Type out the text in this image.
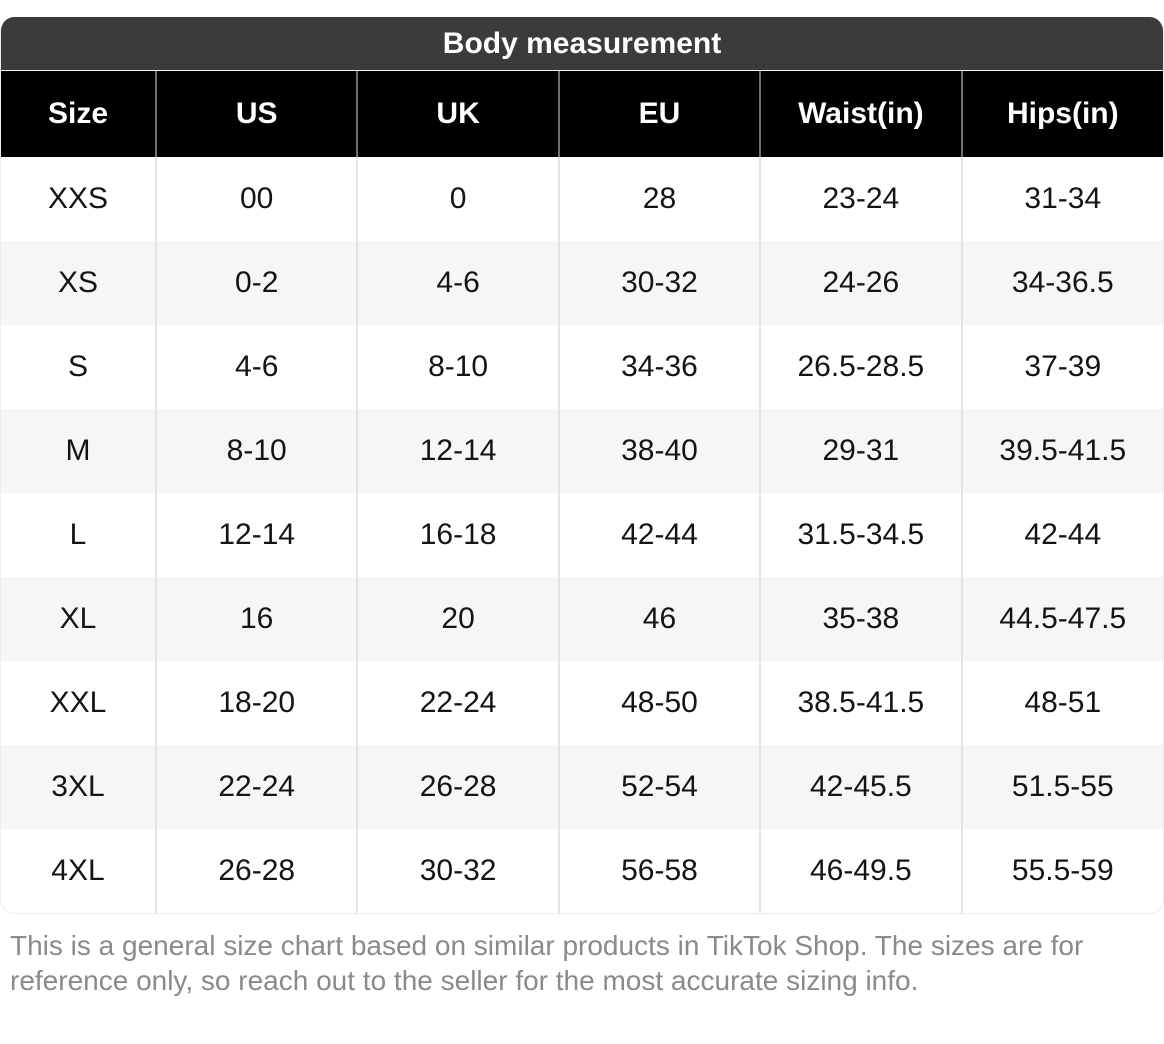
Body measurement
Size	US	UK	EU	Waist(in)	Hips(in)
XXS	00	0	28	23-24	31-34
XS	0-2	4-6	30-32	24-26	34-36.5
S	4-6	8-10	34-36	26.5-28.5	37-39
M	8-10	12-14	38-40	29-31	39.5-41.5
L	12-14	16-18	42-44	31.5-34.5	42-44
XL	16	20	46	35-38	44.5-47.5
XXL	18-20	22-24	48-50	38.5-41.5	48-51
3XL	22-24	26-28	52-54	42-45.5	51.5-55
4XL	26-28	30-32	56-58	46-49.5	55.5-59

This is a general size chart based on similar products in TikTok Shop. The sizes are for reference only, so reach out to the seller for the most accurate sizing info.
